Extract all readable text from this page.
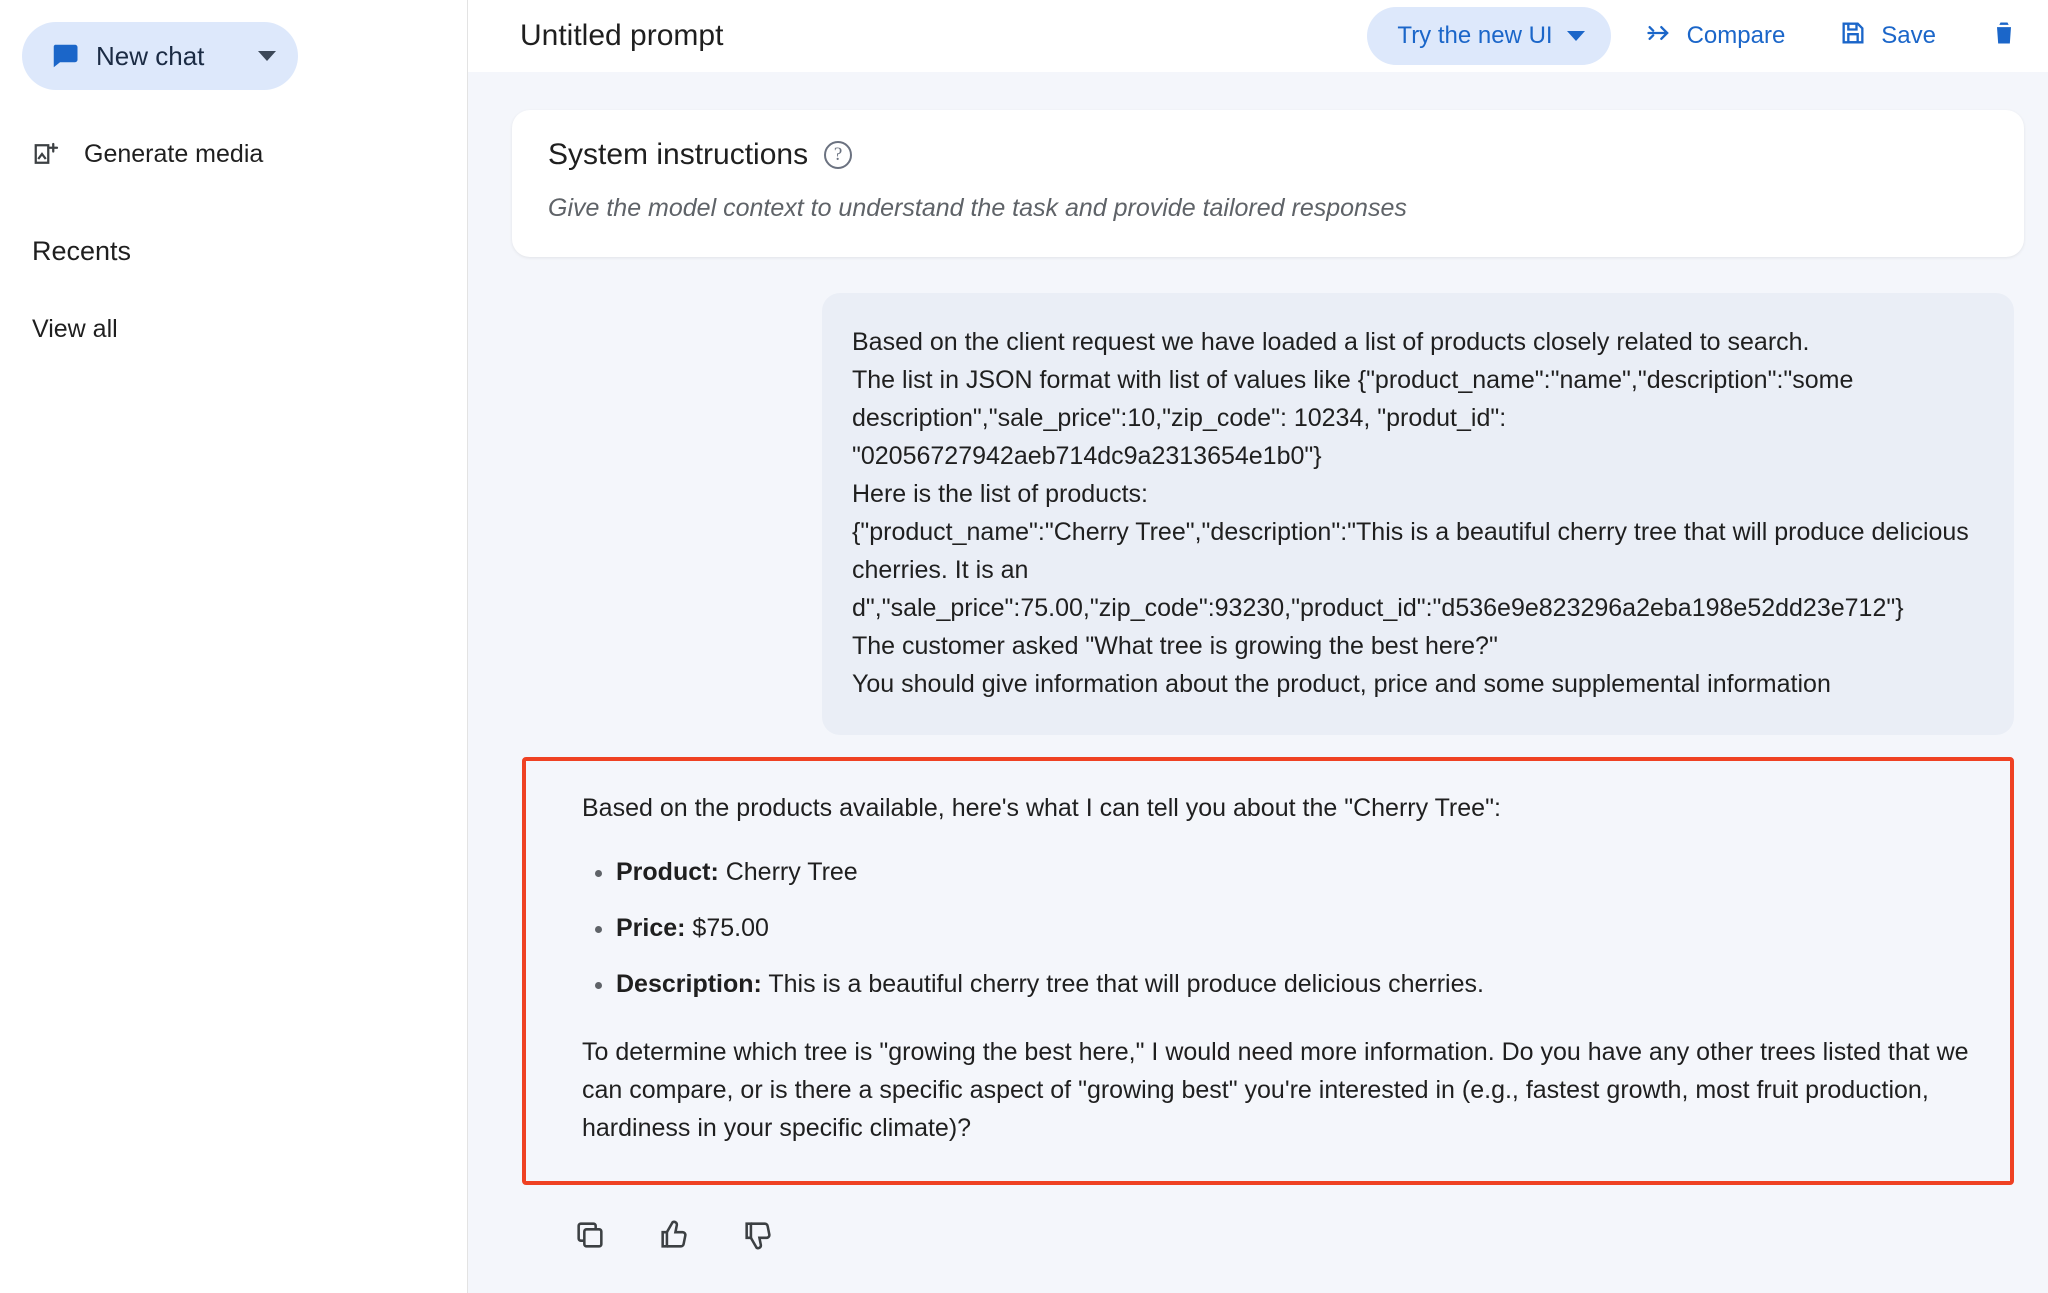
New chat
Generate media
Recents
View all
Untitled prompt	Try the new UI	Compare	Save
System instructions	?
Give the model context to understand the task and provide tailored responses
Based on the client request we have loaded a list of products closely related to search.
The list in JSON format with list of values like {"product_name":"name","description":"some description","sale_price":10,"zip_code": 10234, "produt_id": "02056727942aeb714dc9a2313654e1b0"}
Here is the list of products:
{"product_name":"Cherry Tree","description":"This is a beautiful cherry tree that will produce delicious cherries. It is an d","sale_price":75.00,"zip_code":93230,"product_id":"d536e9e823296a2eba198e52dd23e712"}
The customer asked "What tree is growing the best here?"
You should give information about the product, price and some supplemental information
Based on the products available, here's what I can tell you about the "Cherry Tree":
• Product: Cherry Tree
• Price: $75.00
• Description: This is a beautiful cherry tree that will produce delicious cherries.
To determine which tree is "growing the best here," I would need more information. Do you have any other trees listed that we can compare, or is there a specific aspect of "growing best" you're interested in (e.g., fastest growth, most fruit production, hardiness in your specific climate)?
